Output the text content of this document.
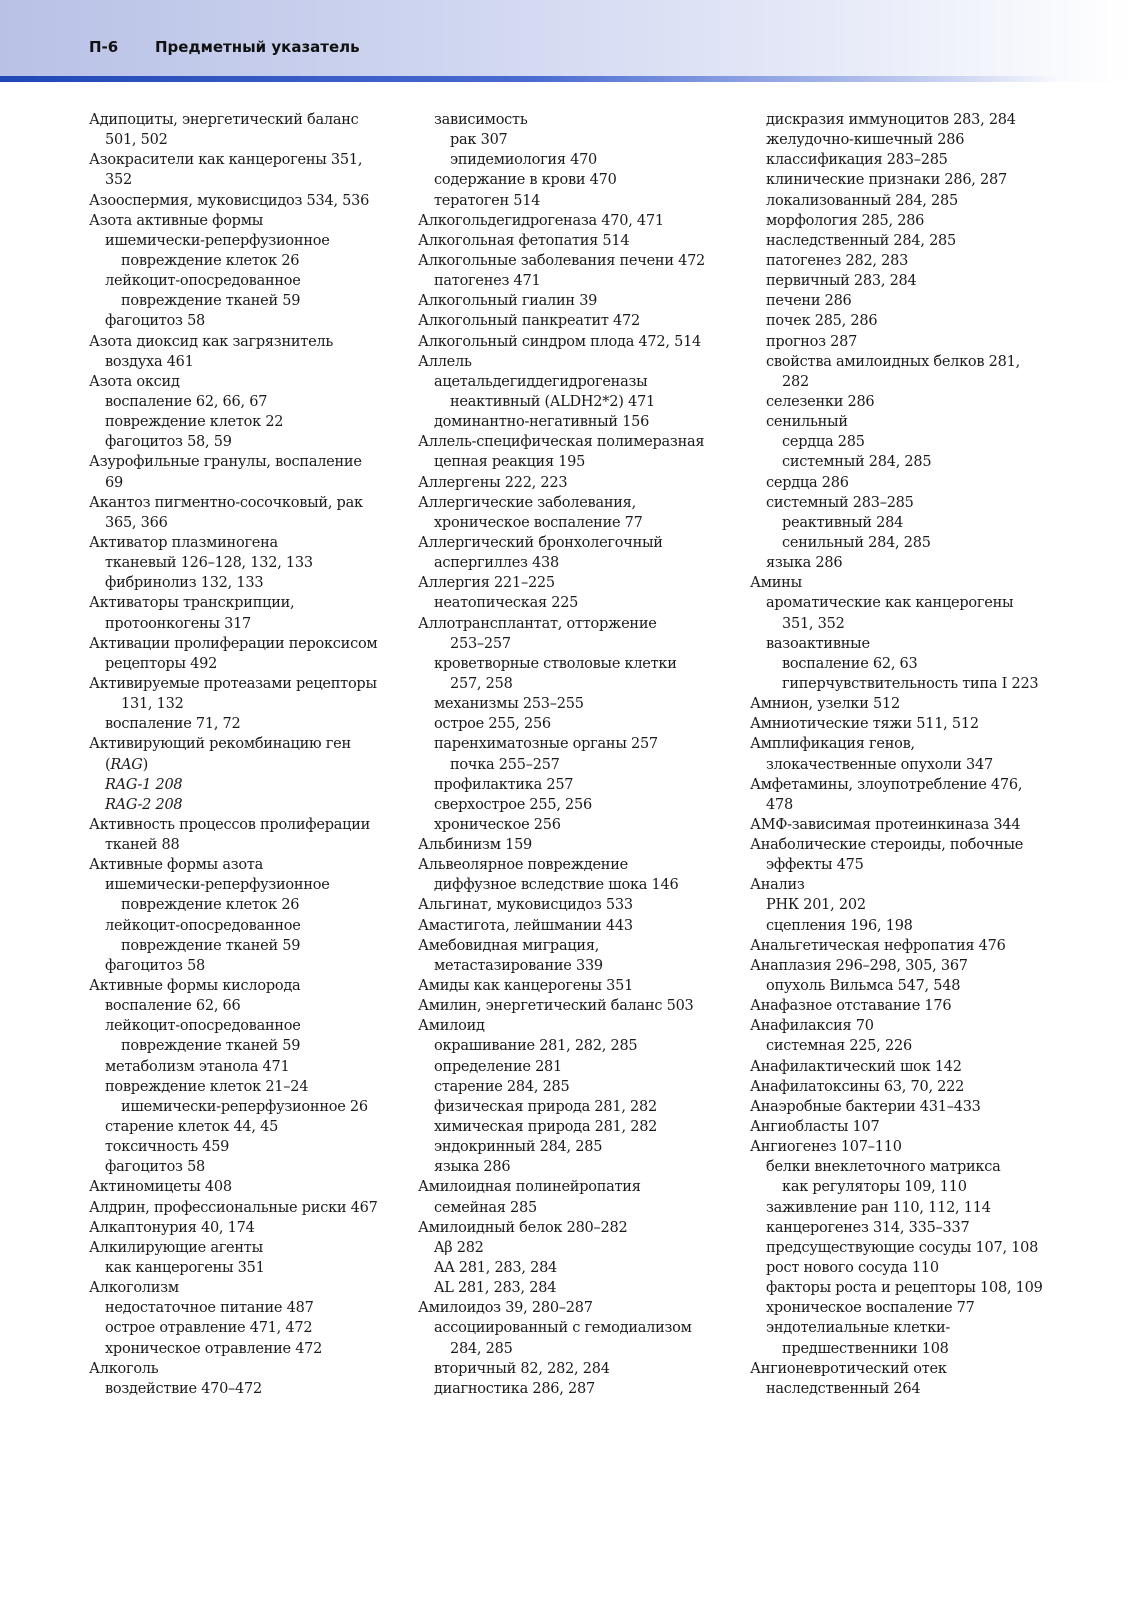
П-6 Предметный указатель
Адипоциты, энергетический баланс
501, 502
Азокрасители как канцерогены 351,
352
Азооспермия, муковисцидоз 534, 536
Азота активные формы
ишемически-реперфузионное
повреждение клеток 26
лейкоцит-опосредованное
повреждение тканей 59
фагоцитоз 58
Азота диоксид как загрязнитель
воздуха 461
Азота оксид
воспаление 62, 66, 67
повреждение клеток 22
фагоцитоз 58, 59
Азурофильные гранулы, воспаление
69
Акантоз пигментно-сосочковый, рак
365, 366
Активатор плазминогена
тканевый 126–128, 132, 133
фибринолиз 132, 133
Активаторы транскрипции,
протоонкогены 317
Активации пролиферации пероксисом
рецепторы 492
Активируемые протеазами рецепторы
131, 132
воспаление 71, 72
Активирующий рекомбинацию ген
(RAG)
RAG-1 208
RAG-2 208
Активность процессов пролиферации
тканей 88
Активные формы азота
ишемически-реперфузионное
повреждение клеток 26
лейкоцит-опосредованное
повреждение тканей 59
фагоцитоз 58
Активные формы кислорода
воспаление 62, 66
лейкоцит-опосредованное
повреждение тканей 59
метаболизм этанола 471
повреждение клеток 21–24
ишемически-реперфузионное 26
старение клеток 44, 45
токсичность 459
фагоцитоз 58
Актиномицеты 408
Алдрин, профессиональные риски 467
Алкаптонурия 40, 174
Алкилирующие агенты
как канцерогены 351
Алкоголизм
недостаточное питание 487
острое отравление 471, 472
хроническое отравление 472
Алкоголь
воздействие 470–472
зависимость
рак 307
эпидемиология 470
содержание в крови 470
тератоген 514
Алкогольдегидрогеназа 470, 471
Алкогольная фетопатия 514
Алкогольные заболевания печени 472
патогенез 471
Алкогольный гиалин 39
Алкогольный панкреатит 472
Алкогольный синдром плода 472, 514
Аллель
ацетальдегиддегидрогеназы
неактивный (ALDH2*2) 471
доминантно-негативный 156
Аллель-специфическая полимеразная
цепная реакция 195
Аллергены 222, 223
Аллергические заболевания,
хроническое воспаление 77
Аллергический бронхолегочный
аспергиллез 438
Аллергия 221–225
неатопическая 225
Аллотрансплантат, отторжение
253–257
кроветворные стволовые клетки
257, 258
механизмы 253–255
острое 255, 256
паренхиматозные органы 257
почка 255–257
профилактика 257
сверхострое 255, 256
хроническое 256
Альбинизм 159
Альвеолярное повреждение
диффузное вследствие шока 146
Альгинат, муковисцидоз 533
Амастигота, лейшмании 443
Амебовидная миграция,
метастазирование 339
Амиды как канцерогены 351
Амилин, энергетический баланс 503
Амилоид
окрашивание 281, 282, 285
определение 281
старение 284, 285
физическая природа 281, 282
химическая природа 281, 282
эндокринный 284, 285
языка 286
Амилоидная полинейропатия
семейная 285
Амилоидный белок 280–282
Aβ 282
AA 281, 283, 284
AL 281, 283, 284
Амилоидоз 39, 280–287
ассоциированный с гемодиализом
284, 285
вторичный 82, 282, 284
диагностика 286, 287
дискразия иммуноцитов 283, 284
желудочно-кишечный 286
классификация 283–285
клинические признаки 286, 287
локализованный 284, 285
морфология 285, 286
наследственный 284, 285
патогенез 282, 283
первичный 283, 284
печени 286
почек 285, 286
прогноз 287
свойства амилоидных белков 281,
282
селезенки 286
сенильный
сердца 285
системный 284, 285
сердца 286
системный 283–285
реактивный 284
сенильный 284, 285
языка 286
Амины
ароматические как канцерогены
351, 352
вазоактивные
воспаление 62, 63
гиперчувствительность типа I 223
Амнион, узелки 512
Амниотические тяжи 511, 512
Амплификация генов,
злокачественные опухоли 347
Амфетамины, злоупотребление 476,
478
АМФ-зависимая протеинкиназа 344
Анаболические стероиды, побочные
эффекты 475
Анализ
РНК 201, 202
сцепления 196, 198
Анальгетическая нефропатия 476
Анаплазия 296–298, 305, 367
опухоль Вильмса 547, 548
Анафазное отставание 176
Анафилаксия 70
системная 225, 226
Анафилактический шок 142
Анафилатоксины 63, 70, 222
Анаэробные бактерии 431–433
Ангиобласты 107
Ангиогенез 107–110
белки внеклеточного матрикса
как регуляторы 109, 110
заживление ран 110, 112, 114
канцерогенез 314, 335–337
предсуществующие сосуды 107, 108
рост нового сосуда 110
факторы роста и рецепторы 108, 109
хроническое воспаление 77
эндотелиальные клетки-
предшественники 108
Ангионевротический отек
наследственный 264
